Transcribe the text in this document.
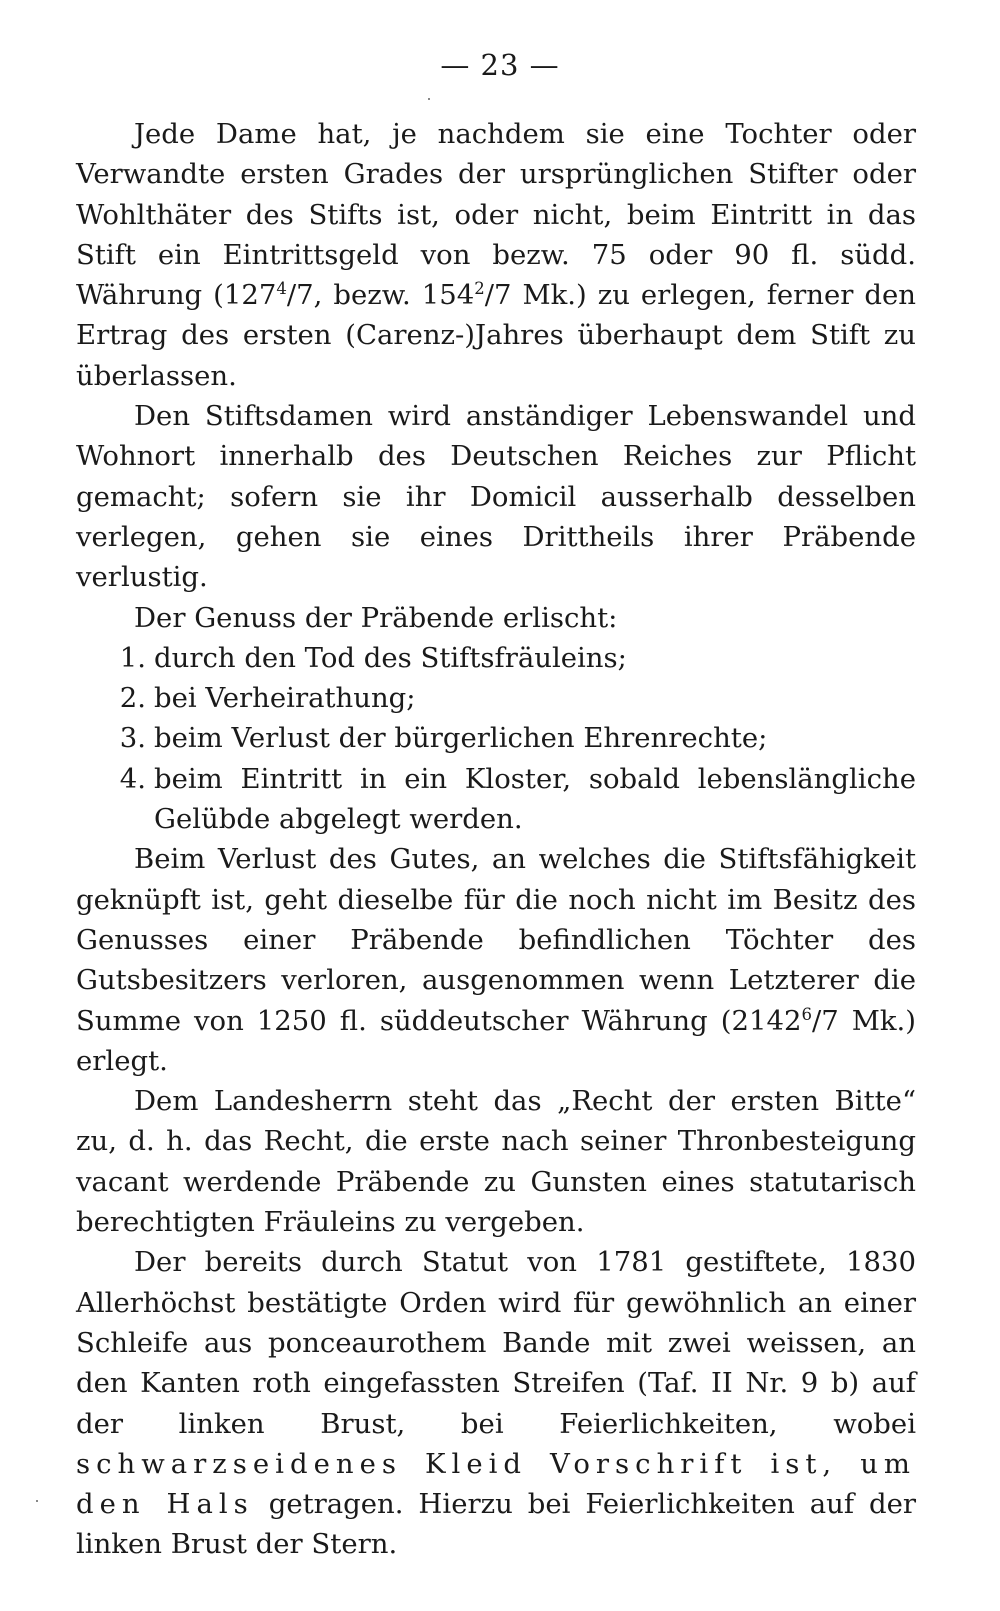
— 23 —

Jede Dame hat, je nachdem sie eine Tochter oder Verwandte ersten Grades der ursprünglichen Stifter oder Wohlthäter des Stifts ist, oder nicht, beim Eintritt in das Stift ein Eintrittsgeld von bezw. 75 oder 90 fl. südd. Währung ($127^4/7$, bezw. $154^2/7$ Mk.) zu erlegen, ferner den Ertrag des ersten (Carenz-)Jahres überhaupt dem Stift zu überlassen.

Den Stiftsdamen wird anständiger Lebenswandel und Wohnort innerhalb des Deutschen Reiches zur Pflicht gemacht; sofern sie ihr Domicil ausserhalb desselben verlegen, gehen sie eines Drittheils ihrer Präbende verlustig.

Der Genuss der Präbende erlischt:

1. durch den Tod des Stiftsfräuleins;
2. bei Verheirathung;
3. beim Verlust der bürgerlichen Ehrenrechte;
4. beim Eintritt in ein Kloster, sobald lebenslängliche Gelübde abgelegt werden.

Beim Verlust des Gutes, an welches die Stiftsfähigkeit geknüpft ist, geht dieselbe für die noch nicht im Besitz des Genusses einer Präbende befindlichen Töchter des Gutsbesitzers verloren, ausgenommen wenn Letzterer die Summe von 1250 fl. süddeutscher Währung (2142$^6$/7 Mk.) erlegt.

Dem Landesherrn steht das „Recht der ersten Bitte“ zu, d. h. das Recht, die erste nach seiner Thronbesteigung vacant werdende Präbende zu Gunsten eines statutarisch berechtigten Fräuleins zu vergeben.

Der bereits durch Statut von 1781 gestiftete, 1830 Allerhöchst bestätigte Orden wird für gewöhnlich an einer Schleife aus ponceaurothem Bande mit zwei weissen, an den Kanten roth eingefassten Streifen (Taf. II Nr. 9 b) auf der linken Brust, bei Feierlichkeiten, wobei schwarzseidenes Kleid Vorschrift ist, um den Hals getragen. Hierzu bei Feierlichkeiten auf der linken Brust der Stern.
